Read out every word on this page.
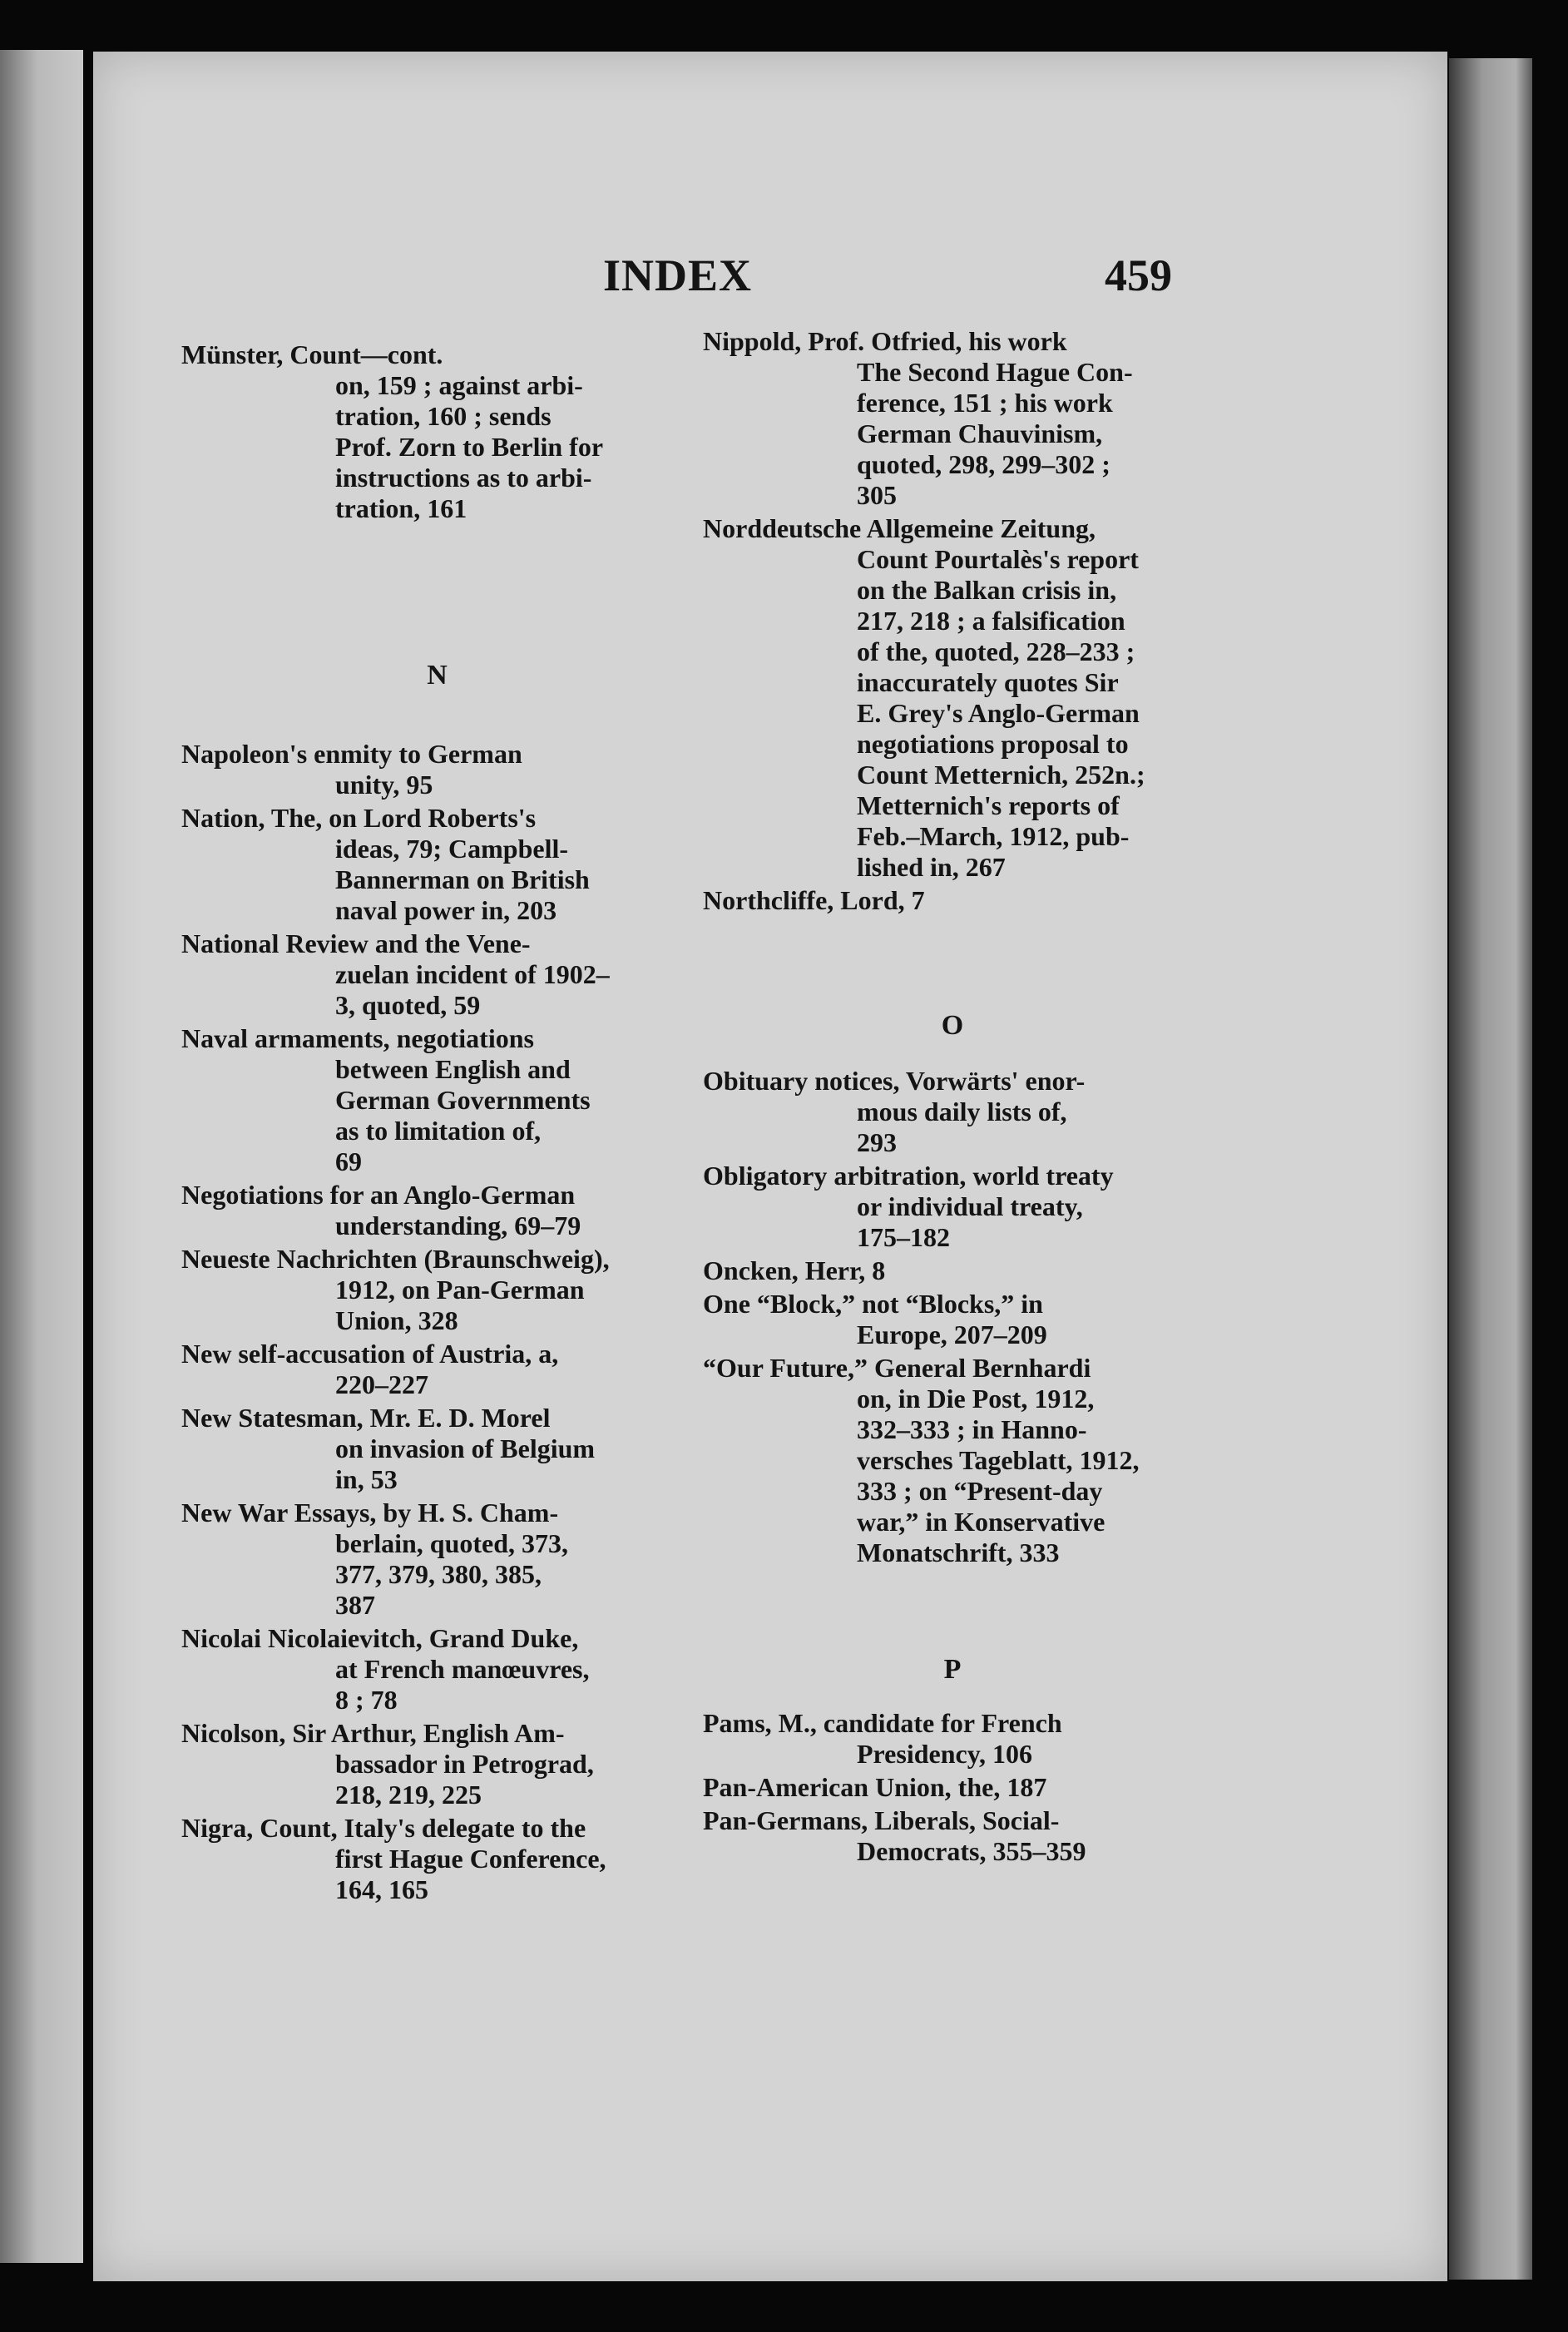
INDEX	459
Münster, Count—cont.
on, 159 ; against arbi-
tration, 160 ; sends
Prof. Zorn to Berlin for
instructions as to arbi-
tration, 161
N
Napoleon's enmity to German
unity, 95
Nation, The, on Lord Roberts's
ideas, 79; Campbell-
Bannerman on British
naval power in, 203
National Review and the Vene-
zuelan incident of 1902–
3, quoted, 59
Naval armaments, negotiations
between English and
German Governments
as to limitation of,
69
Negotiations for an Anglo-German
understanding, 69–79
Neueste Nachrichten (Braunschweig),
1912, on Pan-German
Union, 328
New self-accusation of Austria, a,
220–227
New Statesman, Mr. E. D. Morel
on invasion of Belgium
in, 53
New War Essays, by H. S. Cham-
berlain, quoted, 373,
377, 379, 380, 385,
387
Nicolai Nicolaievitch, Grand Duke,
at French manœuvres,
8 ; 78
Nicolson, Sir Arthur, English Am-
bassador in Petrograd,
218, 219, 225
Nigra, Count, Italy's delegate to the
first Hague Conference,
164, 165
Nippold, Prof. Otfried, his work
The Second Hague Con-
ference, 151 ; his work
German Chauvinism,
quoted, 298, 299–302 ;
305
Norddeutsche Allgemeine Zeitung,
Count Pourtalès's report
on the Balkan crisis in,
217, 218 ; a falsification
of the, quoted, 228–233 ;
inaccurately quotes Sir
E. Grey's Anglo-German
negotiations proposal to
Count Metternich, 252n.;
Metternich's reports of
Feb.–March, 1912, pub-
lished in, 267
Northcliffe, Lord, 7
O
Obituary notices, Vorwärts' enor-
mous daily lists of,
293
Obligatory arbitration, world treaty
or individual treaty,
175–182
Oncken, Herr, 8
One “Block,” not “Blocks,” in
Europe, 207–209
“Our Future,” General Bernhardi
on, in Die Post, 1912,
332–333 ; in Hanno-
versches Tageblatt, 1912,
333 ; on “Present-day
war,” in Konservative
Monatschrift, 333
P
Pams, M., candidate for French
Presidency, 106
Pan-American Union, the, 187
Pan-Germans, Liberals, Social-
Democrats, 355–359
